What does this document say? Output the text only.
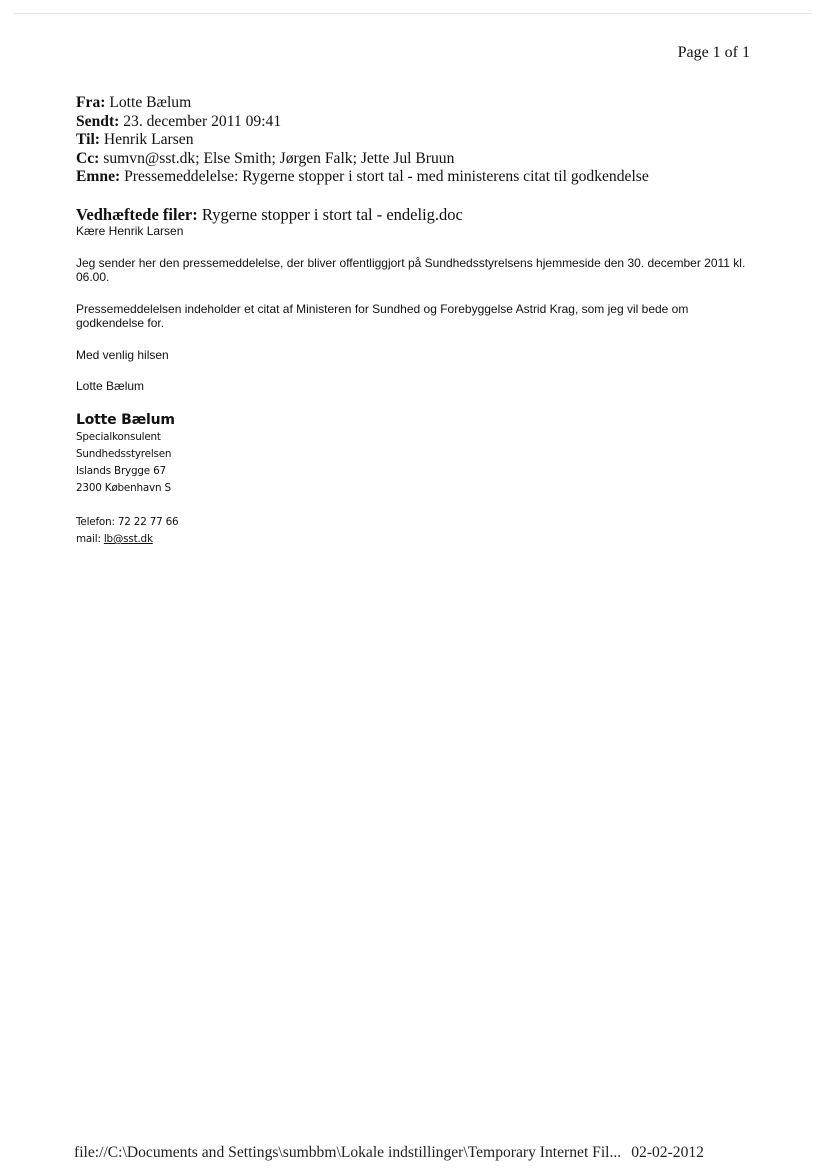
Page 1 of 1
Fra: Lotte Bælum
Sendt: 23. december 2011 09:41
Til: Henrik Larsen
Cc: sumvn@sst.dk; Else Smith; Jørgen Falk; Jette Jul Bruun
Emne: Pressemeddelelse: Rygerne stopper i stort tal - med ministerens citat til godkendelse
Vedhæftede filer: Rygerne stopper i stort tal - endelig.doc
Kære Henrik Larsen
Jeg sender her den pressemeddelelse, der bliver offentliggjort på Sundhedsstyrelsens hjemmeside den 30. december 2011 kl. 06.00.
Pressemeddelelsen indeholder et citat af Ministeren for Sundhed og Forebyggelse Astrid Krag, som jeg vil bede om godkendelse for.
Med venlig hilsen
Lotte Bælum
Lotte Bælum
Specialkonsulent
Sundhedsstyrelsen
Islands Brygge 67
2300 København S
Telefon: 72 22 77 66
mail: lb@sst.dk
file://C:\Documents and Settings\sumbbm\Lokale indstillinger\Temporary Internet Fil... 02-02-2012
